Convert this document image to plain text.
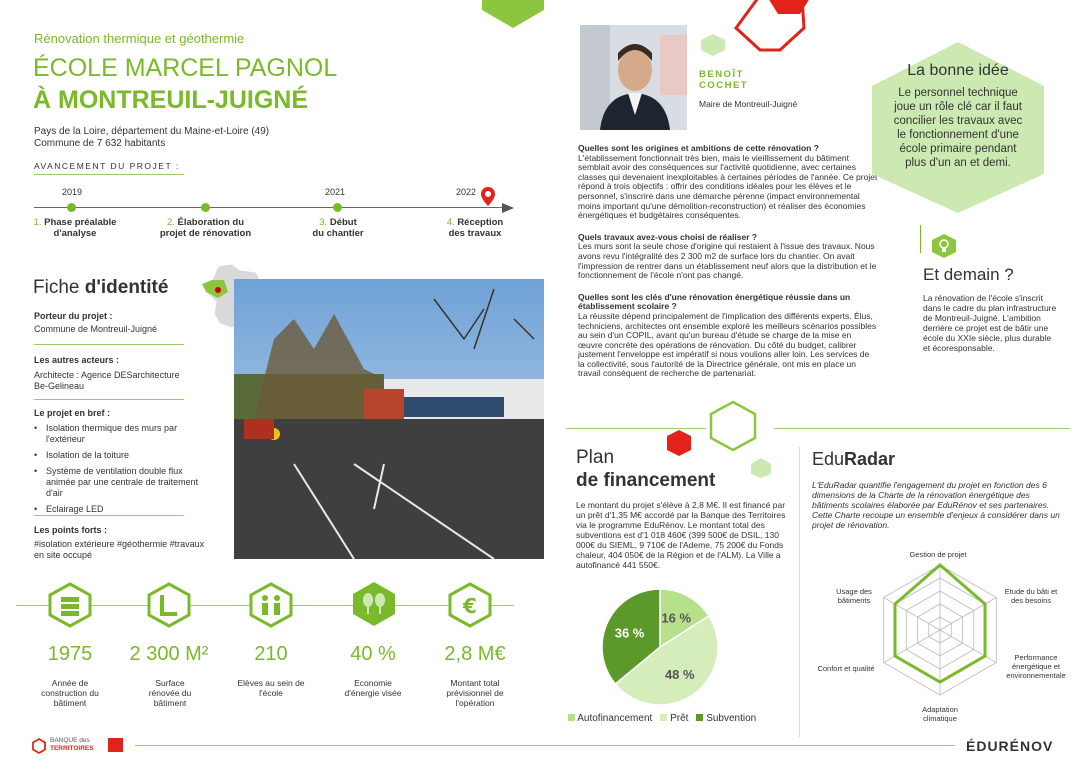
Rénovation thermique et géothermie
ÉCOLE MARCEL PAGNOL
À MONTREUIL-JUIGNÉ
Pays de la Loire, département du Maine-et-Loire (49)
Commune de 7 632 habitants
AVANCEMENT DU PROJET :
2019	2021	2022
1. Phase préalable
d'analyse
2. Élaboration du
projet de rénovation
3. Début
du chantier
4. Réception
des travaux
Fiche d'identité
Porteur du projet :
Commune de Montreuil-Juigné
Les autres acteurs :
Architecte : Agence DESarchitecture
Be-Gelineau
Le projet en bref :
• Isolation thermique des murs par l'extérieur
• Isolation de la toiture
• Système de ventilation double flux animée par une centrale de traitement d'air
• Eclairage LED
Les points forts :
#isolation extérieure #géothermie #travaux en site occupé
€
1975	2 300 M²	210	40 %	2,8 M€
Année de construction du bâtiment
Surface rénovée du bâtiment
Elèves au sein de l'école
Economie d'énergie visée
Montant total prévisionnel de l'opération
BENOÎT
COCHET
Maire de Montreuil-Juigné
Quelles sont les origines et ambitions de cette rénovation ?
L'établissement fonctionnait très bien, mais le vieillissement du bâtiment semblait avoir des conséquences sur l'activité quotidienne, avec certaines classes qui devenaient inexploitables à certaines périodes de l'année. Ce projet répond à trois objectifs : offrir des conditions idéales pour les élèves et le personnel, s'inscrire dans une démarche pérenne (impact environnemental moins important qu'une démolition-reconstruction) et réaliser des économies énergétiques et budgétaires conséquentes.
Quels travaux avez-vous choisi de réaliser ?
Les murs sont la seule chose d'origine qui restaient à l'issue des travaux. Nous avons revu l'intégralité des 2 300 m2 de surface lors du chantier. On avait l'impression de rentrer dans un établissement neuf alors que la distribution et le fonctionnement de l'école n'ont pas changé.
Quelles sont les clés d'une rénovation énergétique réussie dans un établissement scolaire ?
La réussite dépend principalement de l'implication des différents experts. Élus, techniciens, architectes ont ensemble exploré les meilleurs scénarios possibles au sein d'un COPIL, avant qu'un bureau d'étude se charge de la mise en œuvre concrète des opérations de rénovation. Du côté du budget, calibrer justement l'enveloppe est impératif si nous voulions aller loin. Les services de la collectivité, sous l'autorité de la Directrice générale, ont mis en place un travail conséquent de recherche de partenariat.
La bonne idée
Le personnel technique joue un rôle clé car il faut concilier les travaux avec le fonctionnement d'une école primaire pendant plus d'un an et demi.
Et demain ?
La rénovation de l'école s'inscrit dans le cadre du plan infrastructure de Montreuil-Juigné. L'ambition derrière ce projet est de bâtir une école du XXIe siècle, plus durable et écoresponsable.
Plan
de financement
Le montant du projet s'élève à 2,8 M€. Il est financé par un prêt d'1,35 M€ accordé par la Banque des Territoires via le programme EduRénov. Le montant total des subventions est d'1 018 460€ (399 500€ de DSIL, 130 000€ du SIEML, 9 710€ de l'Ademe, 75 200€ du Fonds chaleur, 404 050€ de la Région et de l'ALM). La Ville a autofinancé 441 550€.
16 %
48 %
36 %
Autofinancement	Prêt	Subvention
EduRadar
L'EduRadar quantifie l'engagement du projet en fonction des 6 dimensions de la Charte de la rénovation énergétique des bâtiments scolaires élaborée par EduRénov et ses partenaires. Cette Charte recoupe un ensemble d'enjeux à considérer dans un projet de rénovation.
Gestion de projet
Etude du bâti et
des besoins
Performance
énergétique et
environnementale
Adaptation
climatique
Confort et qualité
Usage des
bâtiments
BANQUE des
TERRITOIRES	ÉDURÉNOV
